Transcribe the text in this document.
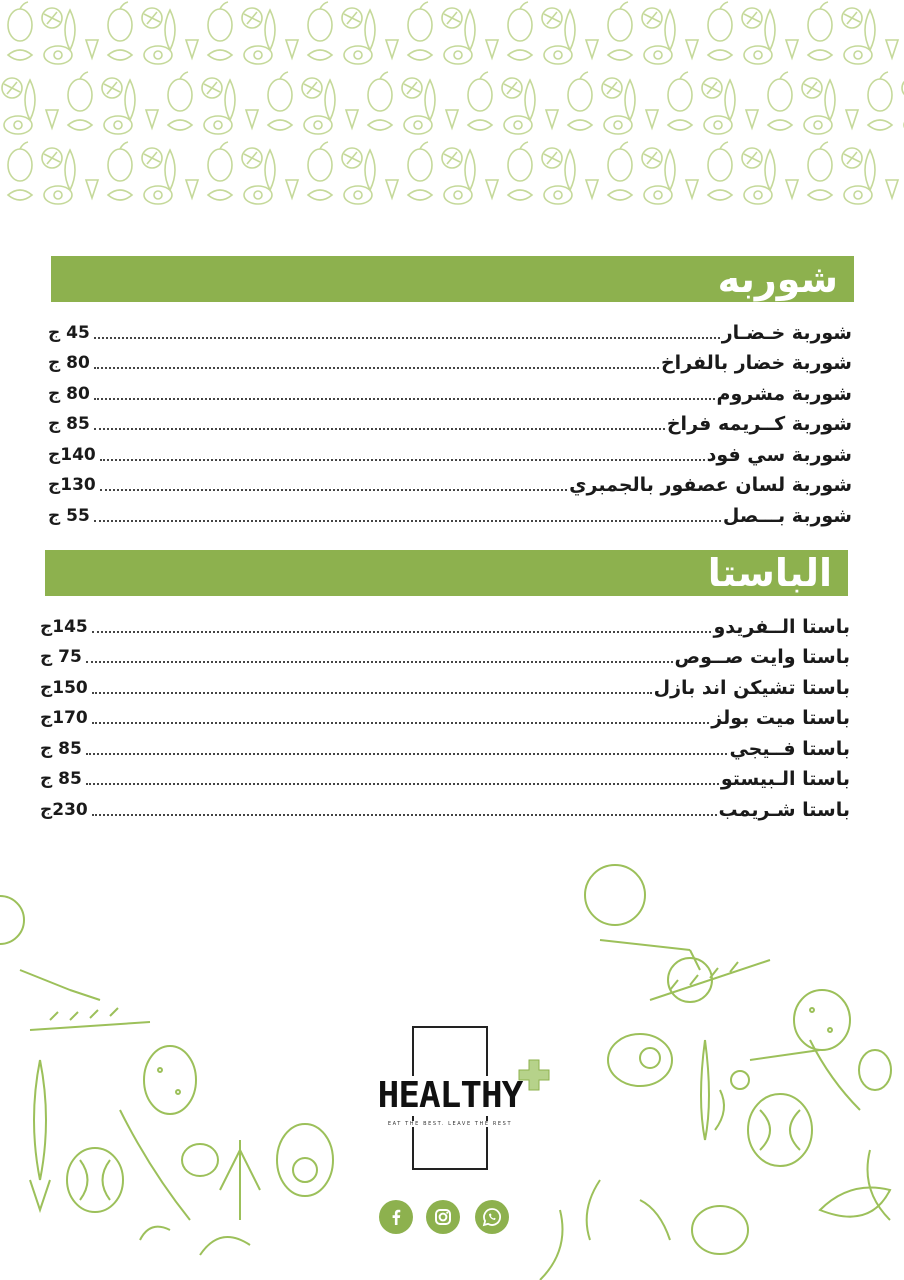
شوربه
45 ج	شوربة خـضـار
80 ج	شوربة خضار بالفراخ
80 ج	شوربة مشروم
85 ج	شوربة كــريمه فراخ
140ج	شوربة سي فود
130ج	شوربة لسان عصفور بالجمبري
55 ج	شوربة بـــصل
الباستا
145ج	باستا الــفريدو
75 ج	باستا وايت صــوص
150ج	باستا تشيكن اند بازل
170ج	باستا ميت بولز
85 ج	باستا فــيجي
85 ج	باستا الـبيستو
230ج	باستا شـريمب
HEALTHY
EAT THE BEST. LEAVE THE REST
